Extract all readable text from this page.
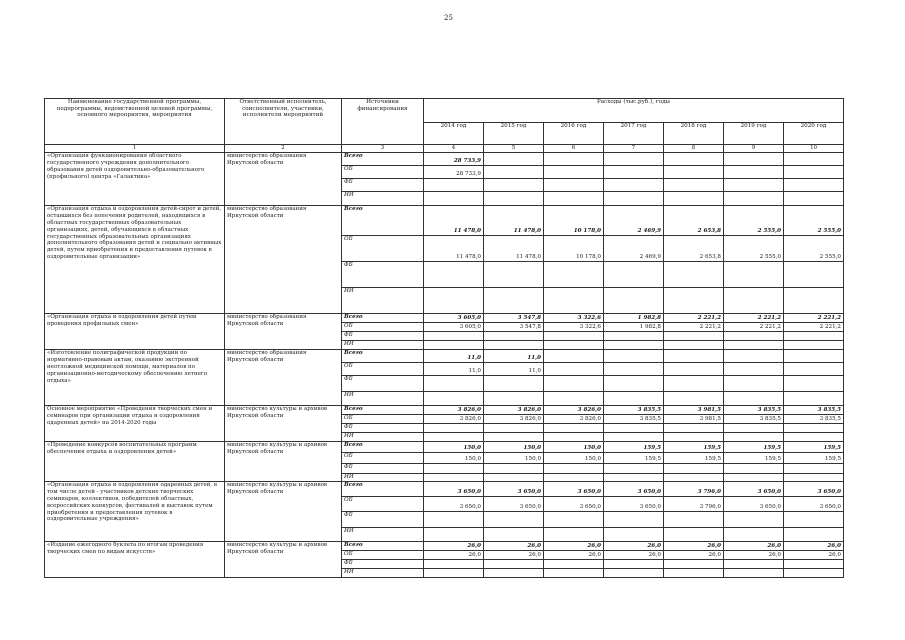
25
Наименование государственной программы, подпрограммы, ведомственной целевой программы, основного мероприятия, мероприятия	Ответственный исполнитель, соисполнители, участники, исполнители мероприятий	Источники финансирования	Расходы (тыс.руб.), годы						
			2014 год	2015 год	2016 год	2017 год	2018 год	2019 год	2020 год
1	2	3	4	5	6	7	8	9	10
«Организация функционирования областного государственного учреждения дополнительного образования детей оздоровительно-образовательного (профильного) центра «Галактика»	министерство образования Иркутской области	Всего	28 733,9						
		ОБ	28 733,9						
		ФБ							
		ИИ							
«Организация отдыха и оздоровления детей-сирот и детей, оставшихся без попечения родителей, находящихся в областных государственных образовательных организациях, детей, обучающихся в областных государственных образовательных организациях дополнительного образования детей и социально активных детей, путем приобретения и предоставления путевок в оздоровительные организации»	министерство образования Иркутской области	Всего	11 478,0	11 478,0	10 178,0	2 469,9	2 653,8	2 555,0	2 555,0
		ОБ	11 478,0	11 478,0	10 178,0	2 469,9	2 653,8	2 555,0	2 555,0
		ФБ							
		ИИ							
«Организация отдыха и оздоровления детей путем проведения профильных смен»	министерство образования Иркутской области	Всего	3 605,0	3 547,8	3 322,6	1 982,8	2 221,2	2 221,2	2 221,2
		ОБ	3 605,0	3 547,8	3 322,6	1 982,8	2 221,2	2 221,2	2 221,2
		ФБ							
		ИИ							
«Изготовление полиграфической продукции по нормативно-правовым актам, оказанию экстренной неотложной медицинской помощи, материалов по организационно-методическому обеспечению летнего отдыха»	министерство образования Иркутской области	Всего	11,0	11,0					
		ОБ	11,0	11,0					
		ФБ							
		ИИ							
Основное мероприятие «Проведения творческих смен и семинаров при организации отдыха и оздоровления одаренных детей» на 2014-2020 годы	министерство культуры и архивов Иркутской области	Всего	3 826,0	3 826,0	3 826,0	3 835,5	3 981,5	3 835,5	3 835,5
		ОБ	3 826,0	3 826,0	3 826,0	3 835,5	3 981,5	3 835,5	3 835,5
		ФБ							
		ИИ							
«Проведение конкурсов воспитательных программ обеспечения отдыха и оздоровления детей»	министерство культуры и архивов Иркутской области	Всего	150,0	150,0	150,0	159,5	159,5	159,5	159,5
		ОБ	150,0	150,0	150,0	159,5	159,5	159,5	159,5
		ФБ							
		ИИ							
«Организация отдыха и оздоровления одаренных детей, в том числе детей - участников детских творческих семинаров, коллективов, победителей областных, всероссийских конкурсов, фестивалей и выставок путем приобретения и предоставления путевок в оздоровительные учреждения»	министерство культуры и архивов Иркутской области	Всего	3 650,0	3 650,0	3 650,0	3 650,0	3 796,0	3 650,0	3 650,0
		ОБ	3 650,0	3 650,0	3 650,0	3 650,0	3 796,0	3 650,0	3 650,0
		ФБ							
		ИИ							
«Издание ежегодного буклета по итогам проведения творческих смен по видам искусств»	министерство культуры и архивов Иркутской области	Всего	26,0	26,0	26,0	26,0	26,0	26,0	26,0
		ОБ	26,0	26,0	26,0	26,0	26,0	26,0	26,0
		ФБ							
		ИИ							
